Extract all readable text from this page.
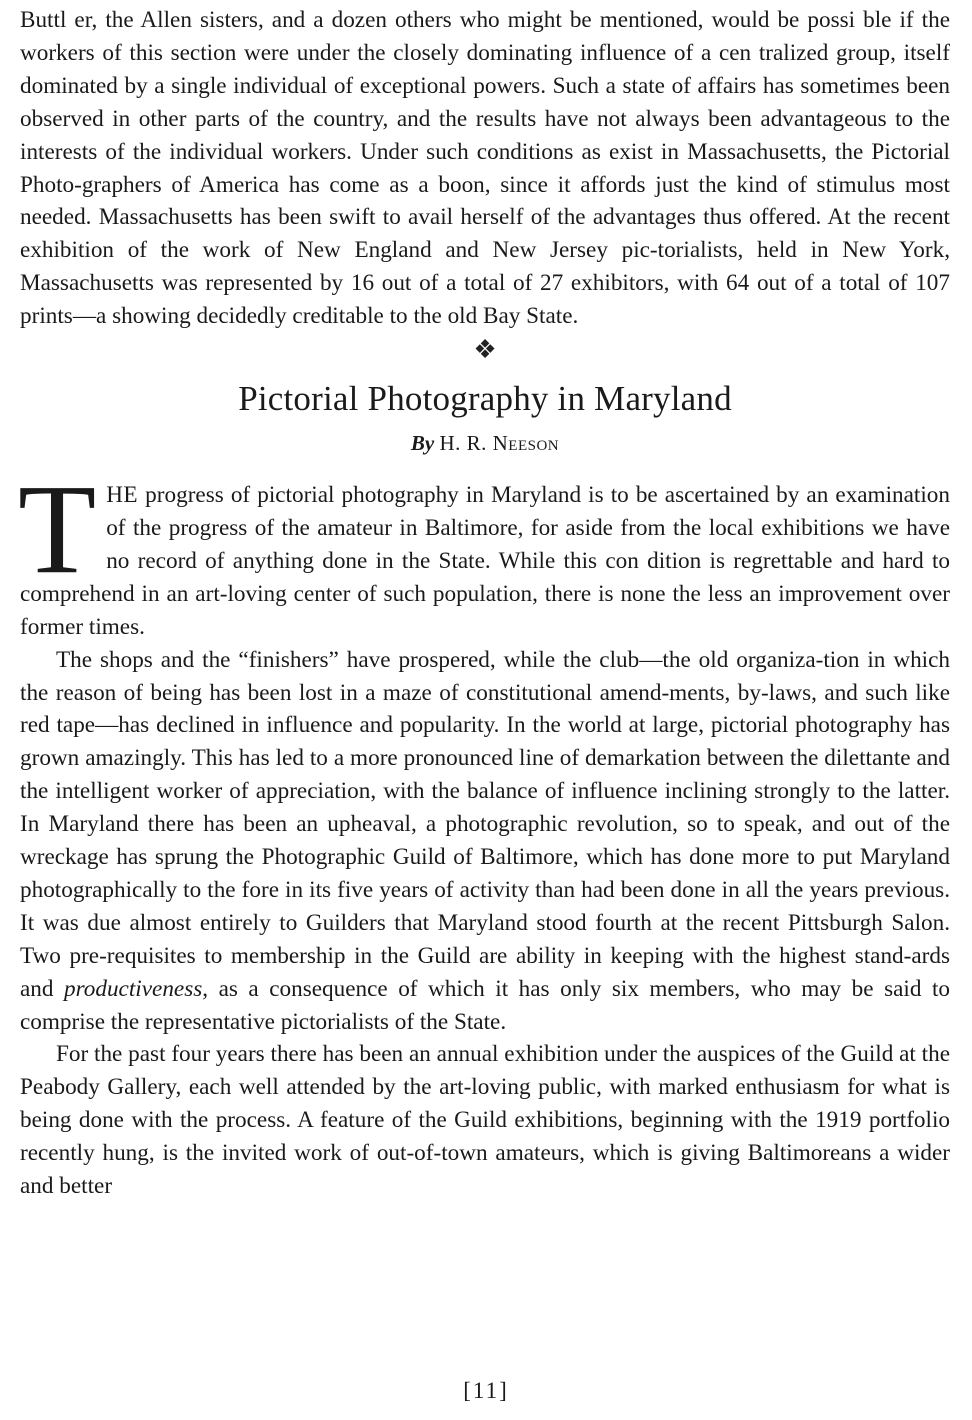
Buttl er, the Allen sisters, and a dozen others who might be mentioned, would be possi ble if the workers of this section were under the closely dominating influence of a cen tralized group, itself dominated by a single individual of exceptional powers. Such a state of affairs has sometimes been observed in other parts of the country, and the results have not always been advantageous to the interests of the individual workers. Under such conditions as exist in Massachusetts, the Pictorial Photo-graphers of America has come as a boon, since it affords just the kind of stimulus most needed. Massachusetts has been swift to avail herself of the advantages thus offered. At the recent exhibition of the work of New England and New Jersey pic-torialists, held in New York, Massachusetts was represented by 16 out of a total of 27 exhibitors, with 64 out of a total of 107 prints—a showing decidedly creditable to the old Bay State.

❖
Pictorial Photography in Maryland
By H. R. Neeson

THE progress of pictorial photography in Maryland is to be ascertained by an examination of the progress of the amateur in Baltimore, for aside from the local exhibitions we have no record of anything done in the State. While this con dition is regrettable and hard to comprehend in an art-loving center of such population, there is none the less an improvement over former times.

The shops and the “finishers” have prospered, while the club—the old organiza-tion in which the reason of being has been lost in a maze of constitutional amend-ments, by-laws, and such like red tape—has declined in influence and popularity. In the world at large, pictorial photography has grown amazingly. This has led to a more pronounced line of demarkation between the dilettante and the intelligent worker of appreciation, with the balance of influence inclining strongly to the latter. In Maryland there has been an upheaval, a photographic revolution, so to speak, and out of the wreckage has sprung the Photographic Guild of Baltimore, which has done more to put Maryland photographically to the fore in its five years of activity than had been done in all the years previous. It was due almost entirely to Guilders that Maryland stood fourth at the recent Pittsburgh Salon. Two pre-requisites to membership in the Guild are ability in keeping with the highest stand-ards and productiveness, as a consequence of which it has only six members, who may be said to comprise the representative pictorialists of the State.

For the past four years there has been an annual exhibition under the auspices of the Guild at the Peabody Gallery, each well attended by the art-loving public, with marked enthusiasm for what is being done with the process. A feature of the Guild exhibitions, beginning with the 1919 portfolio recently hung, is the invited work of out-of-town amateurs, which is giving Baltimoreans a wider and better

[11]
